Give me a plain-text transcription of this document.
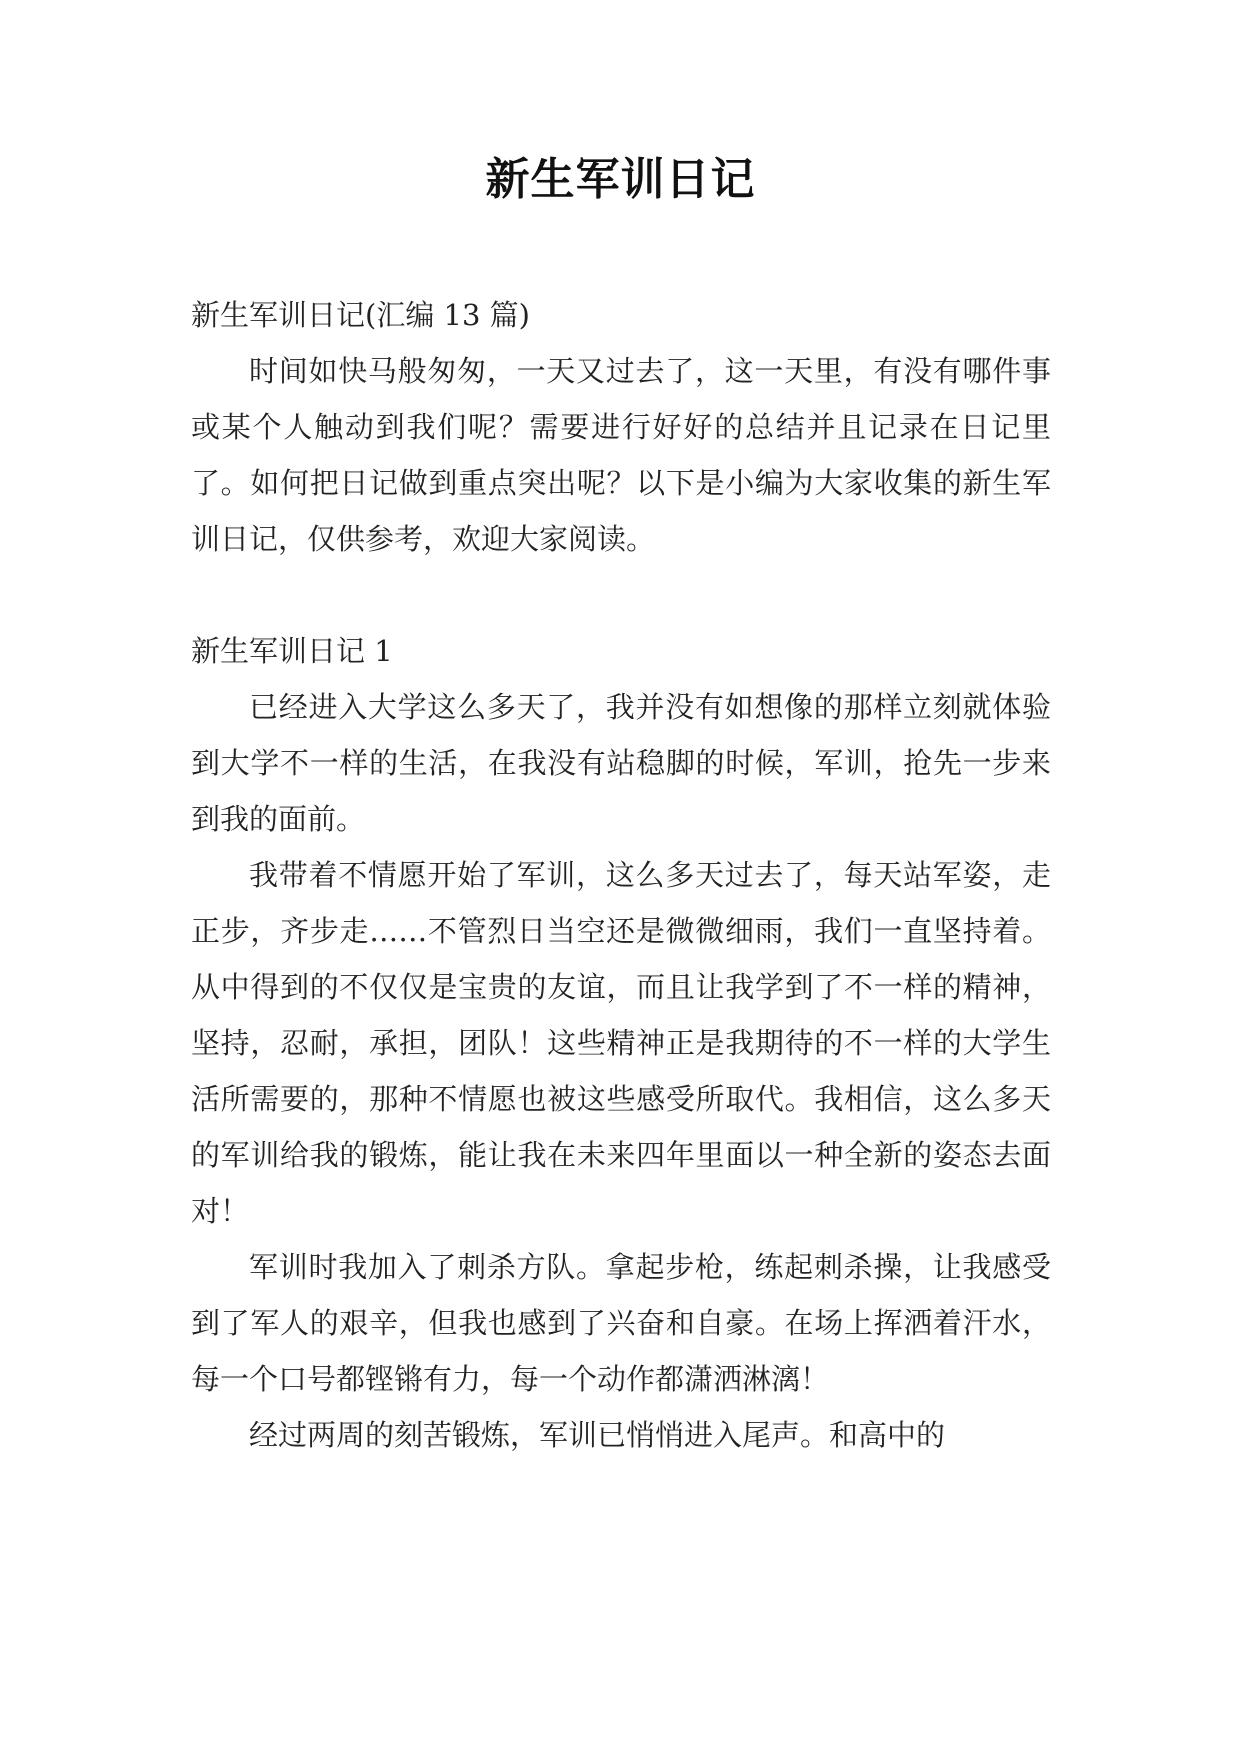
新生军训日记

新生军训日记(汇编 13 篇)

时间如快马般匆匆，一天又过去了，这一天里，有没有哪件事或某个人触动到我们呢？需要进行好好的总结并且记录在日记里了。如何把日记做到重点突出呢？以下是小编为大家收集的新生军训日记，仅供参考，欢迎大家阅读。

新生军训日记 1

已经进入大学这么多天了，我并没有如想像的那样立刻就体验到大学不一样的生活，在我没有站稳脚的时候，军训，抢先一步来到我的面前。

我带着不情愿开始了军训，这么多天过去了，每天站军姿，走正步，齐步走……不管烈日当空还是微微细雨，我们一直坚持着。从中得到的不仅仅是宝贵的友谊，而且让我学到了不一样的精神，坚持，忍耐，承担，团队！这些精神正是我期待的不一样的大学生活所需要的，那种不情愿也被这些感受所取代。我相信，这么多天的军训给我的锻炼，能让我在未来四年里面以一种全新的姿态去面对！

军训时我加入了刺杀方队。拿起步枪，练起刺杀操，让我感受到了军人的艰辛，但我也感到了兴奋和自豪。在场上挥洒着汗水，每一个口号都铿锵有力，每一个动作都潇洒淋漓！

经过两周的刻苦锻炼，军训已悄悄进入尾声。和高中的
